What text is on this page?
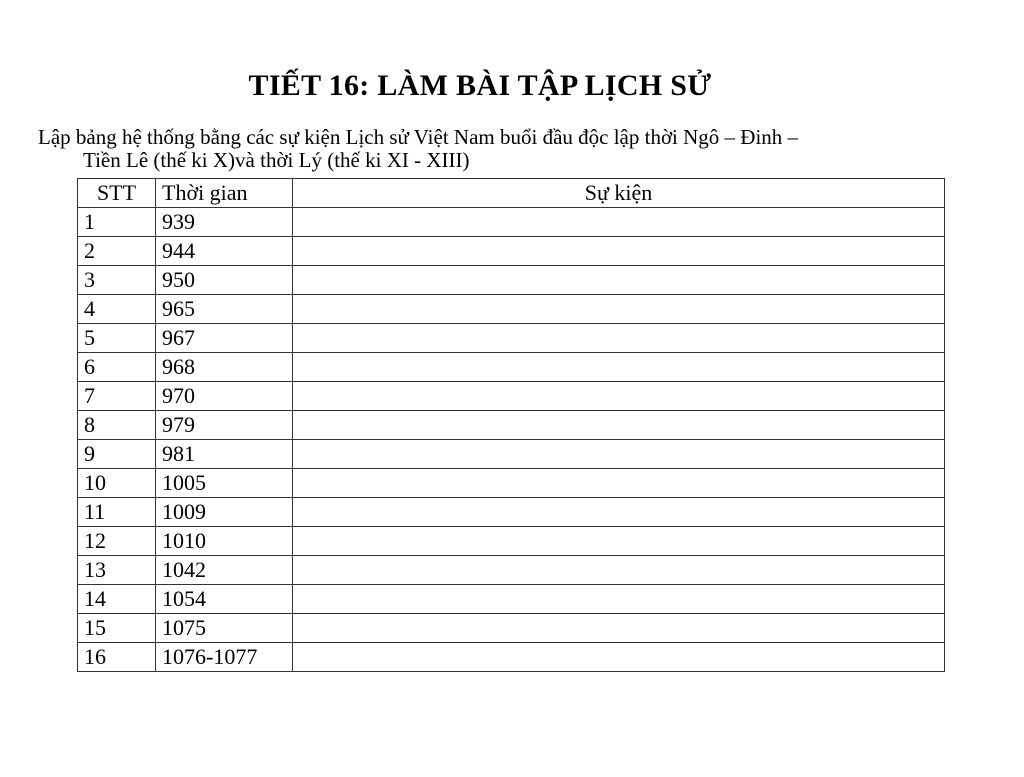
TIẾT 16: LÀM BÀI TẬP LỊCH SỬ
Lập bảng hệ thống bằng các sự kiện Lịch sử Việt Nam buổi đầu độc lập thời Ngô – Đinh –
Tiền Lê (thế ki X)và thời Lý (thế ki XI - XIII)
STT	Thời gian	Sự kiện
1	939	
2	944	
3	950	
4	965	
5	967	
6	968	
7	970	
8	979	
9	981	
10	1005	
11	1009	
12	1010	
13	1042	
14	1054	
15	1075	
16	1076-1077	
